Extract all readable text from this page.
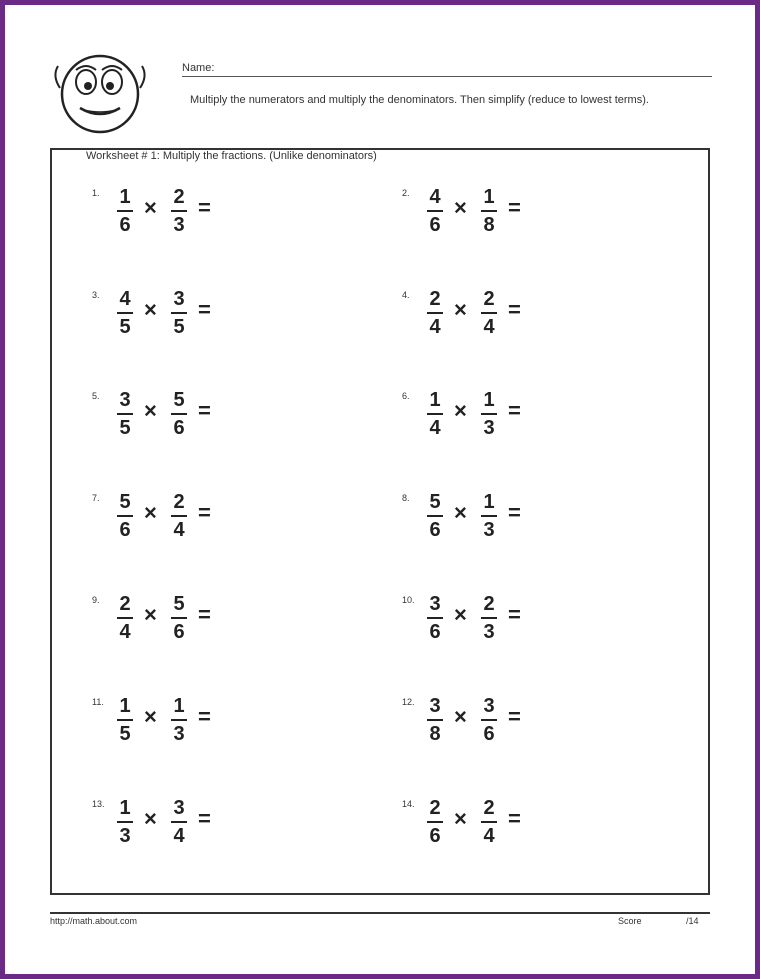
Name:
Multiply the numerators and multiply the denominators. Then simplify (reduce to lowest terms).
Worksheet # 1: Multiply the fractions. (Unlike denominators)
1. 1
6
× 2
3
=
2. 4
6
× 1
8
=
3. 4
5
× 3
5
=
4. 2
4
× 2
4
=
5. 3
5
× 5
6
=
6. 1
4
× 1
3
=
7. 5
6
× 2
4
=
8. 5
6
× 1
3
=
9. 2
4
× 5
6
=
10. 3
6
× 2
3
=
11. 1
5
× 1
3
=
12. 3
8
× 3
6
=
13. 1
3
× 3
4
=
14. 2
6
× 2
4
=
http://math.about.com	Score	/14
